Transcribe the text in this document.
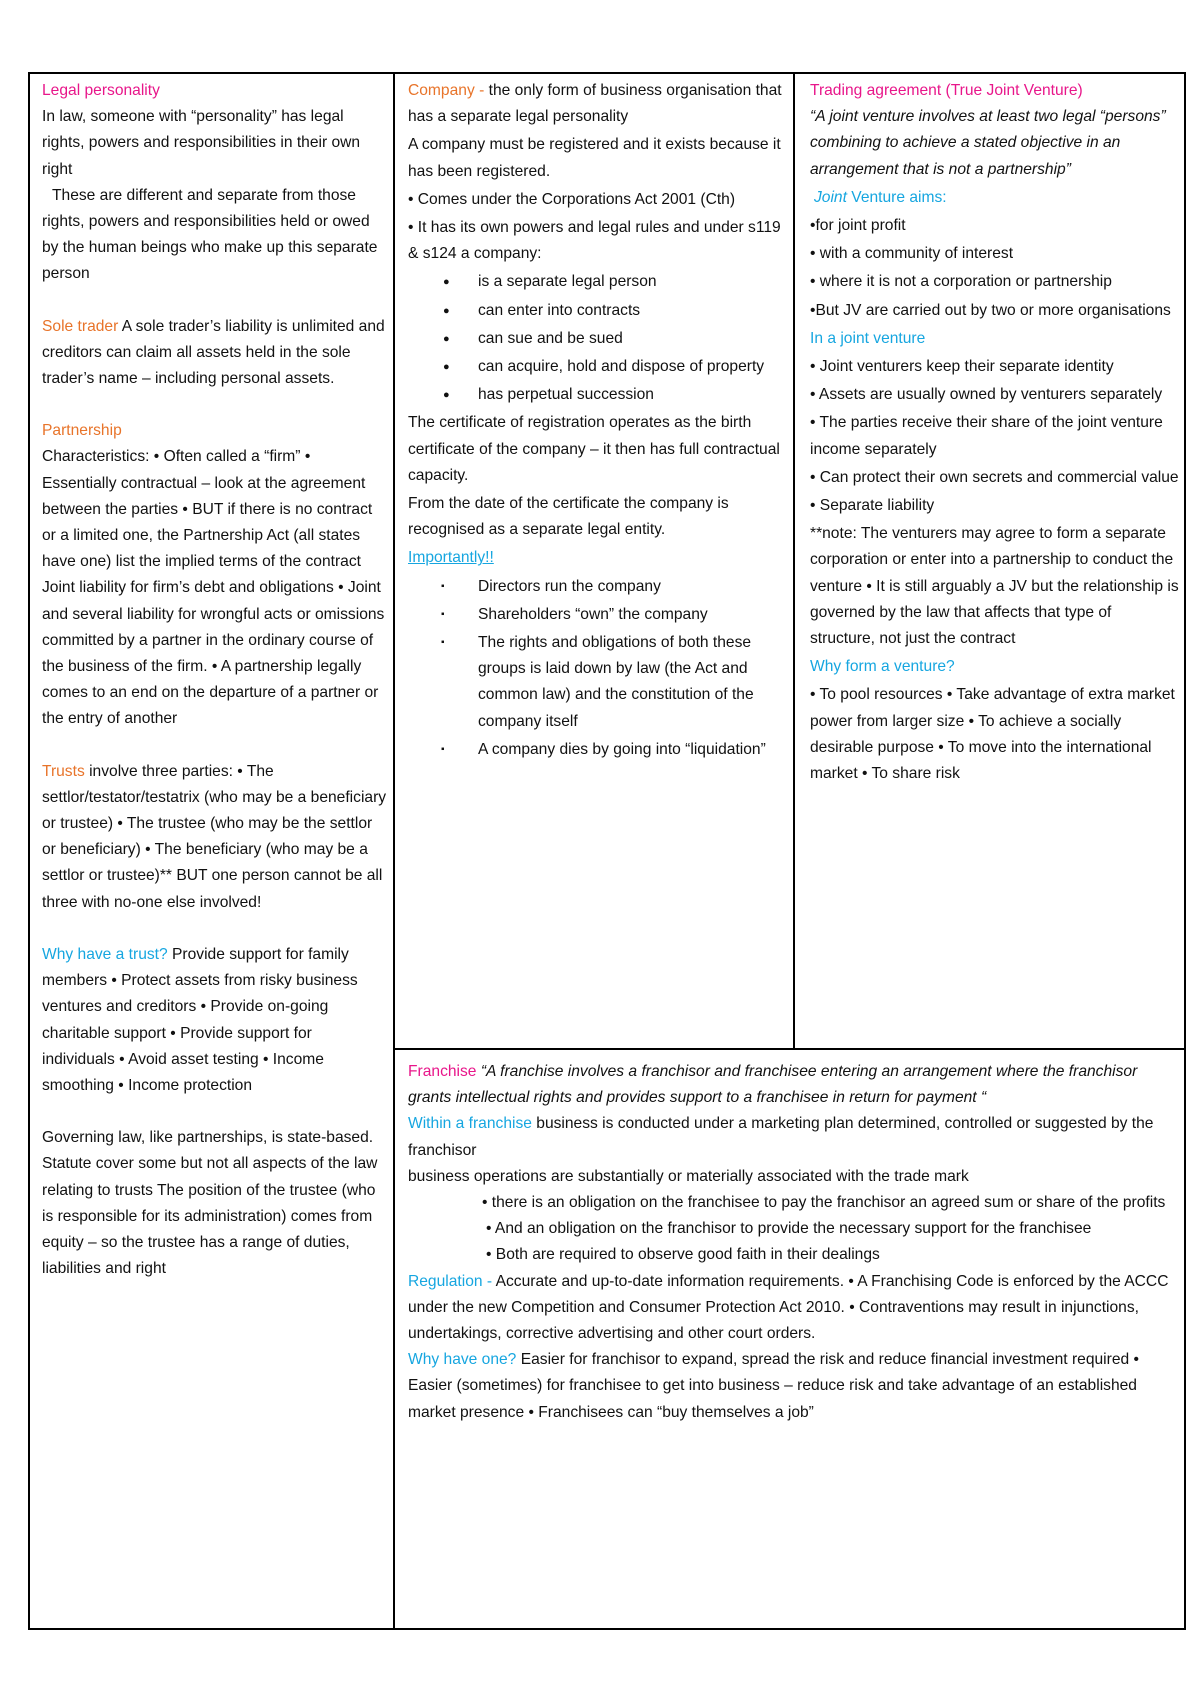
Legal personality

In law, someone with “personality” has legal rights, powers and responsibilities in their own right

These are different and separate from those rights, powers and responsibilities held or owed by the human beings who make up this separate person

Sole trader A sole trader’s liability is unlimited and creditors can claim all assets held in the sole trader’s name – including personal assets.

Partnership

Characteristics: • Often called a “firm” • Essentially contractual – look at the agreement between the parties • BUT if there is no contract or a limited one, the Partnership Act (all states have one) list the implied terms of the contract

Joint liability for firm’s debt and obligations • Joint and several liability for wrongful acts or omissions committed by a partner in the ordinary course of the business of the firm. • A partnership legally comes to an end on the departure of a partner or the entry of another

Trusts involve three parties: • The settlor/testator/testatrix (who may be a beneficiary or trustee) • The trustee (who may be the settlor or beneficiary) • The beneficiary (who may be a settlor or trustee)** BUT one person cannot be all three with no-one else involved!

Why have a trust? Provide support for family members • Protect assets from risky business ventures and creditors • Provide on-going charitable support • Provide support for individuals • Avoid asset testing • Income smoothing • Income protection

Governing law, like partnerships, is state-based. Statute cover some but not all aspects of the law relating to trusts The position of the trustee (who is responsible for its administration) comes from equity – so the trustee has a range of duties, liabilities and right

Company - the only form of business organisation that has a separate legal personality

A company must be registered and it exists because it has been registered.

• Comes under the Corporations Act 2001 (Cth)

• It has its own powers and legal rules and under s119 & s124 a company:

● is a separate legal person
● can enter into contracts
● can sue and be sued
● can acquire, hold and dispose of property
● has perpetual succession

The certificate of registration operates as the birth certificate of the company – it then has full contractual capacity.

From the date of the certificate the company is recognised as a separate legal entity.

Importantly!!

▪ Directors run the company
▪ Shareholders “own” the company
▪ The rights and obligations of both these groups is laid down by law (the Act and common law) and the constitution of the company itself
▪ A company dies by going into “liquidation”

Trading agreement (True Joint Venture)

“A joint venture involves at least two legal “persons” combining to achieve a stated objective in an arrangement that is not a partnership”

Joint Venture aims:

•for joint profit

• with a community of interest

• where it is not a corporation or partnership

•But JV are carried out by two or more organisations

In a joint venture

• Joint venturers keep their separate identity

• Assets are usually owned by venturers separately

• The parties receive their share of the joint venture income separately

• Can protect their own secrets and commercial value

• Separate liability

**note: The venturers may agree to form a separate corporation or enter into a partnership to conduct the venture • It is still arguably a JV but the relationship is governed by the law that affects that type of structure, not just the contract

Why form a venture?

• To pool resources • Take advantage of extra market power from larger size • To achieve a socially desirable purpose • To move into the international market • To share risk

Franchise “A franchise involves a franchisor and franchisee entering an arrangement where the franchisor grants intellectual rights and provides support to a franchisee in return for payment “

Within a franchise business is conducted under a marketing plan determined, controlled or suggested by the franchisor

business operations are substantially or materially associated with the trade mark

• there is an obligation on the franchisee to pay the franchisor an agreed sum or share of the profits

• And an obligation on the franchisor to provide the necessary support for the franchisee

• Both are required to observe good faith in their dealings

Regulation - Accurate and up-to-date information requirements. • A Franchising Code is enforced by the ACCC under the new Competition and Consumer Protection Act 2010. • Contraventions may result in injunctions, undertakings, corrective advertising and other court orders.

Why have one? Easier for franchisor to expand, spread the risk and reduce financial investment required • Easier (sometimes) for franchisee to get into business – reduce risk and take advantage of an established market presence • Franchisees can “buy themselves a job”
